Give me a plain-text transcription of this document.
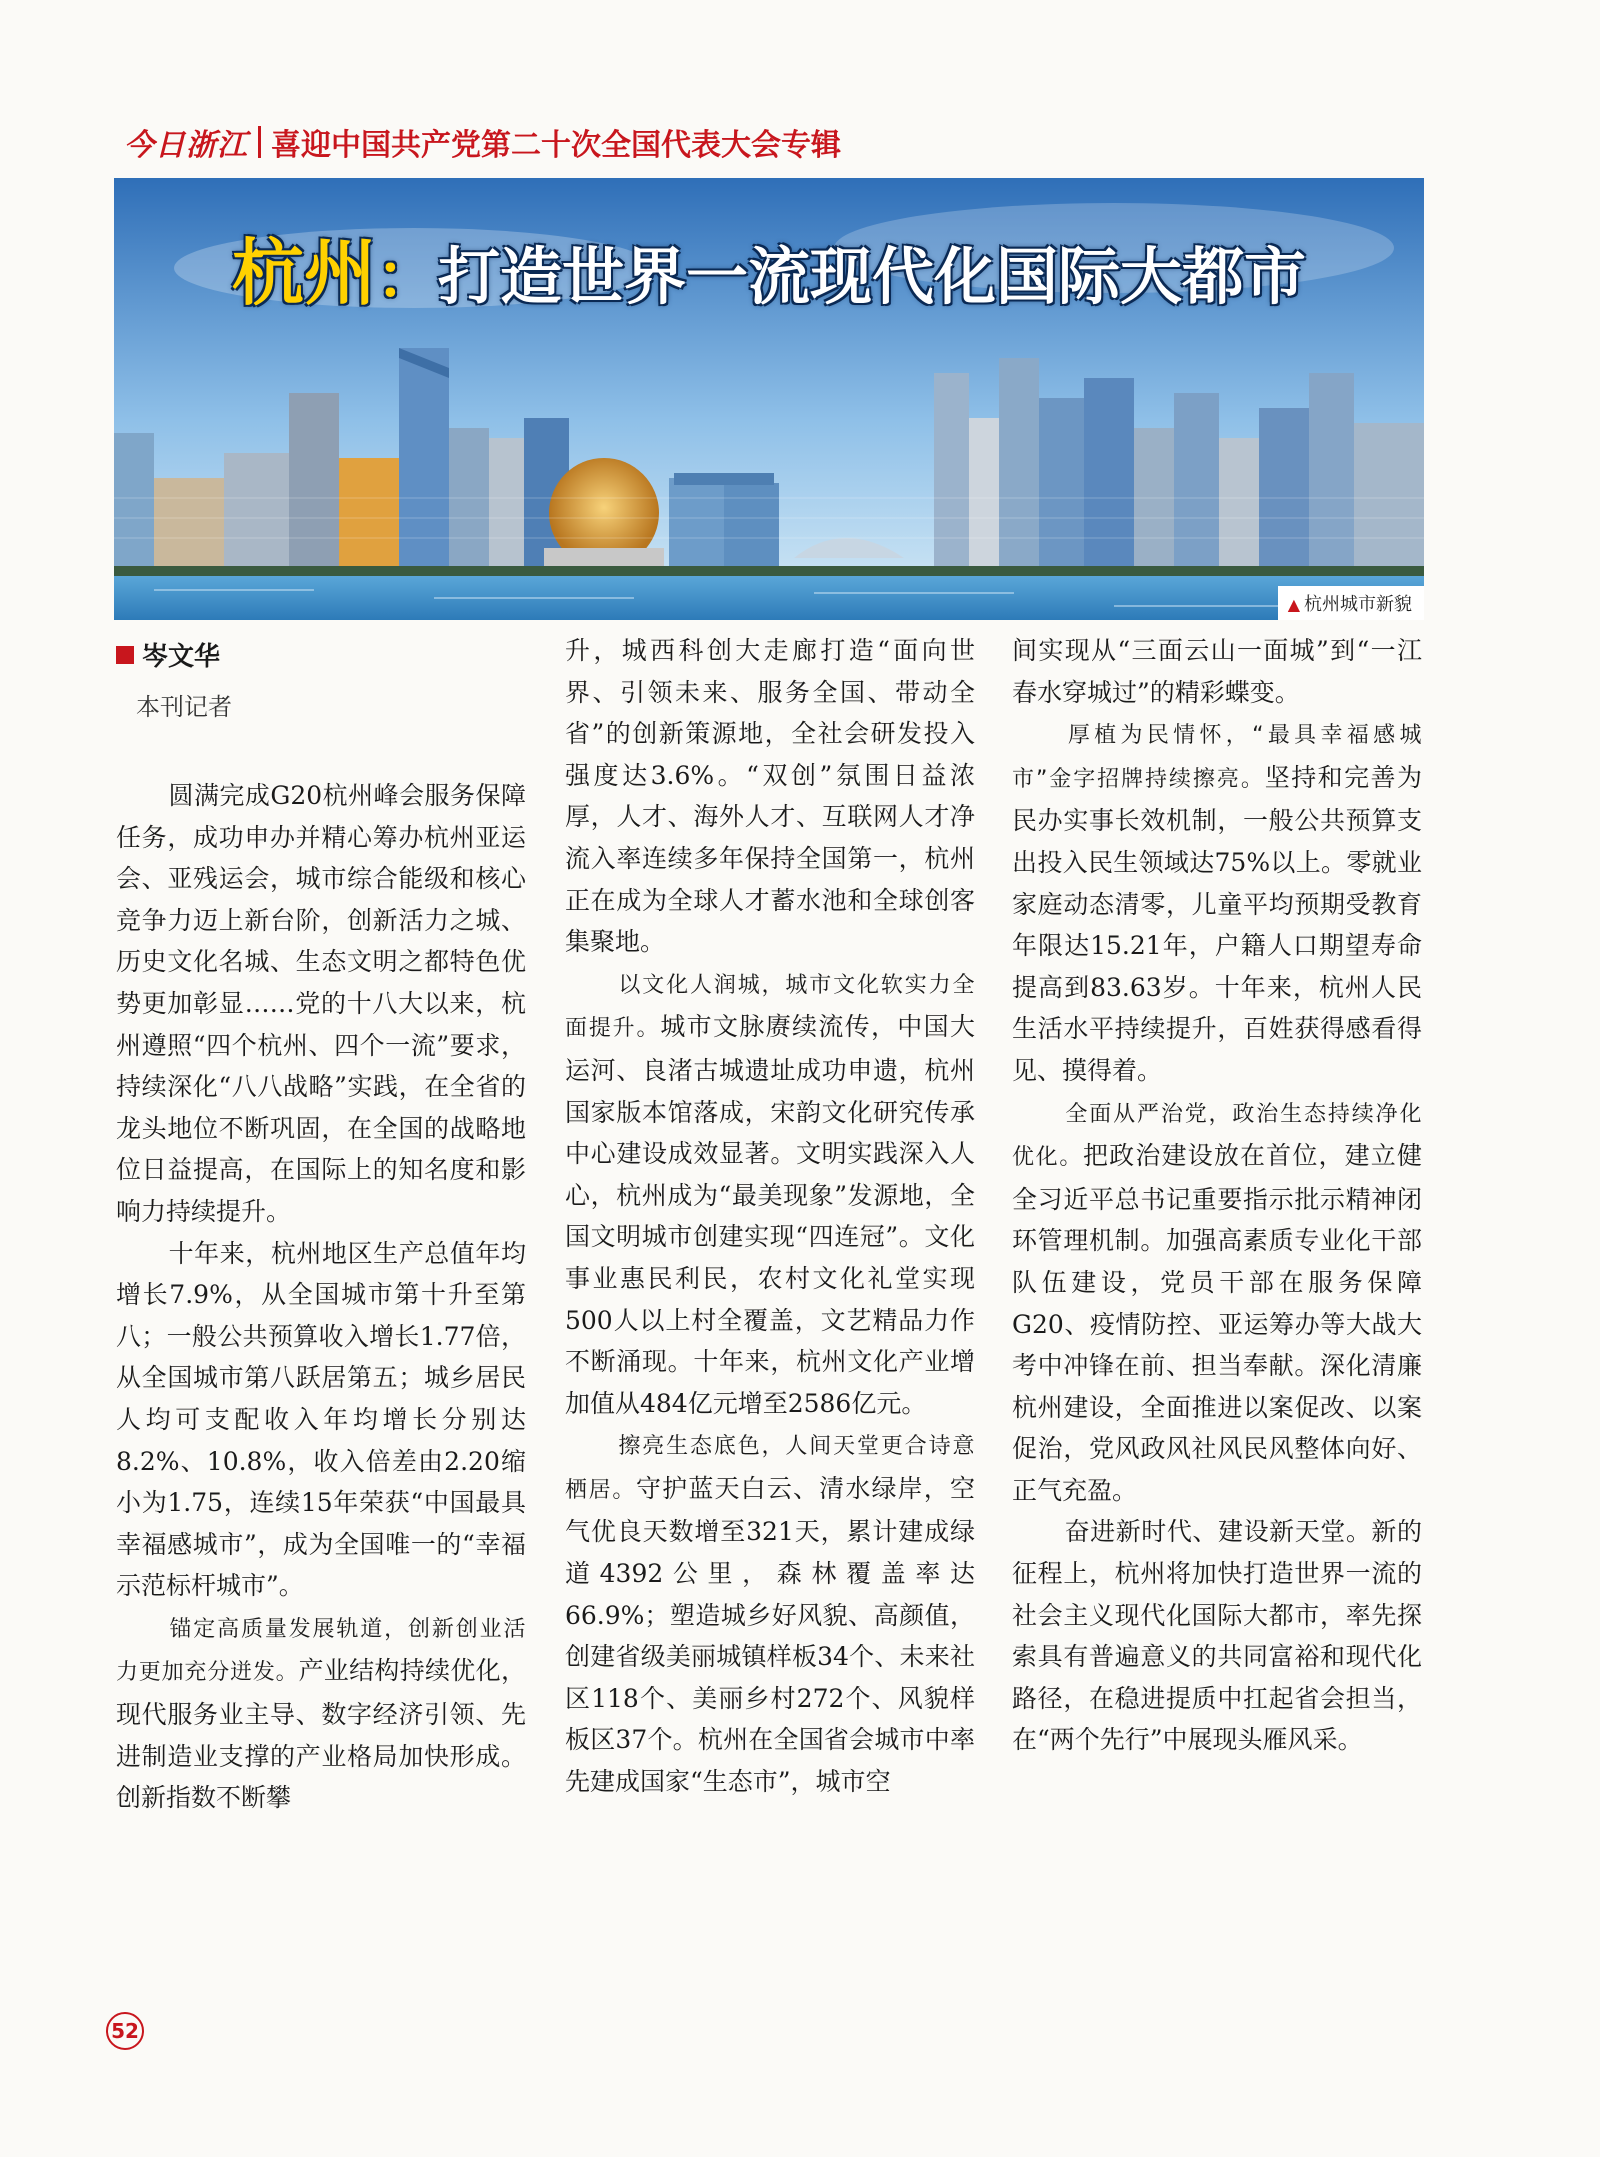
今日浙江 喜迎中国共产党第二十次全国代表大会专辑
杭州：打造世界一流现代化国际大都市
▲ 杭州城市新貌
岑文华
本刊记者

圆满完成G20杭州峰会服务保障任务，成功申办并精心筹办杭州亚运会、亚残运会，城市综合能级和核心竞争力迈上新台阶，创新活力之城、历史文化名城、生态文明之都特色优势更加彰显……党的十八大以来，杭州遵照“四个杭州、四个一流”要求，持续深化“八八战略”实践，在全省的龙头地位不断巩固，在全国的战略地位日益提高，在国际上的知名度和影响力持续提升。

十年来，杭州地区生产总值年均增长7.9%，从全国城市第十升至第八；一般公共预算收入增长1.77倍，从全国城市第八跃居第五；城乡居民人均可支配收入年均增长分别达8.2%、10.8%，收入倍差由2.20缩小为1.75，连续15年荣获“中国最具幸福感城市”，成为全国唯一的“幸福示范标杆城市”。

锚定高质量发展轨道，创新创业活力更加充分迸发。产业结构持续优化，现代服务业主导、数字经济引领、先进制造业支撑的产业格局加快形成。创新指数不断攀

升，城西科创大走廊打造“面向世界、引领未来、服务全国、带动全省”的创新策源地，全社会研发投入强度达3.6%。“双创”氛围日益浓厚，人才、海外人才、互联网人才净流入率连续多年保持全国第一，杭州正在成为全球人才蓄水池和全球创客集聚地。

以文化人润城，城市文化软实力全面提升。城市文脉赓续流传，中国大运河、良渚古城遗址成功申遗，杭州国家版本馆落成，宋韵文化研究传承中心建设成效显著。文明实践深入人心，杭州成为“最美现象”发源地，全国文明城市创建实现“四连冠”。文化事业惠民利民，农村文化礼堂实现500人以上村全覆盖，文艺精品力作不断涌现。十年来，杭州文化产业增加值从484亿元增至2586亿元。

擦亮生态底色，人间天堂更合诗意栖居。守护蓝天白云、清水绿岸，空气优良天数增至321天，累计建成绿道4392公里，森林覆盖率达66.9%；塑造城乡好风貌、高颜值，创建省级美丽城镇样板34个、未来社区118个、美丽乡村272个、风貌样板区37个。杭州在全国省会城市中率先建成国家“生态市”，城市空

间实现从“三面云山一面城”到“一江春水穿城过”的精彩蝶变。

厚植为民情怀，“最具幸福感城市”金字招牌持续擦亮。坚持和完善为民办实事长效机制，一般公共预算支出投入民生领域达75%以上。零就业家庭动态清零，儿童平均预期受教育年限达15.21年，户籍人口期望寿命提高到83.63岁。十年来，杭州人民生活水平持续提升，百姓获得感看得见、摸得着。

全面从严治党，政治生态持续净化优化。把政治建设放在首位，建立健全习近平总书记重要指示批示精神闭环管理机制。加强高素质专业化干部队伍建设，党员干部在服务保障G20、疫情防控、亚运筹办等大战大考中冲锋在前、担当奉献。深化清廉杭州建设，全面推进以案促改、以案促治，党风政风社风民风整体向好、正气充盈。

奋进新时代、建设新天堂。新的征程上，杭州将加快打造世界一流的社会主义现代化国际大都市，率先探索具有普遍意义的共同富裕和现代化路径，在稳进提质中扛起省会担当，在“两个先行”中展现头雁风采。

52
